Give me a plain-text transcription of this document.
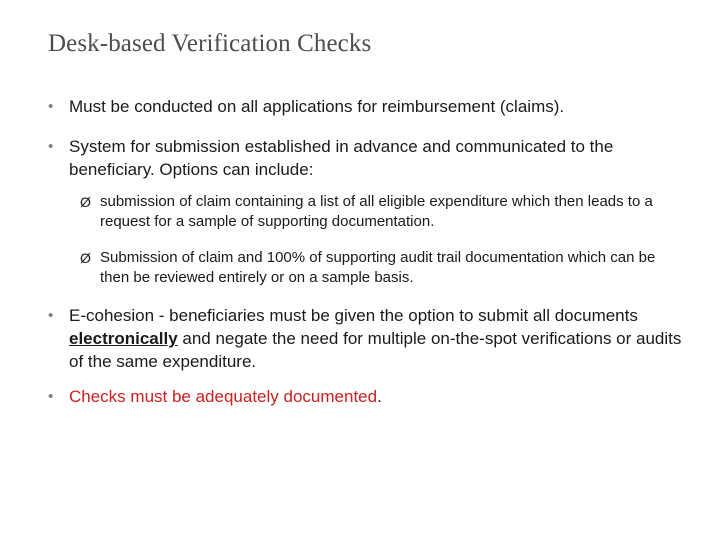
Desk-based Verification Checks
• Must be conducted on all applications for reimbursement (claims).
• System for submission established in advance and communicated to the beneficiary. Options can include:
Ø submission of claim containing a list of all eligible expenditure which then leads to a request for a sample of supporting documentation.
Ø Submission of claim and 100% of supporting audit trail documentation which can be then be reviewed entirely or on a sample basis.
• E-cohesion - beneficiaries must be given the option to submit all documents electronically and negate the need for multiple on-the-spot verifications or audits of the same expenditure.
• Checks must be adequately documented.
